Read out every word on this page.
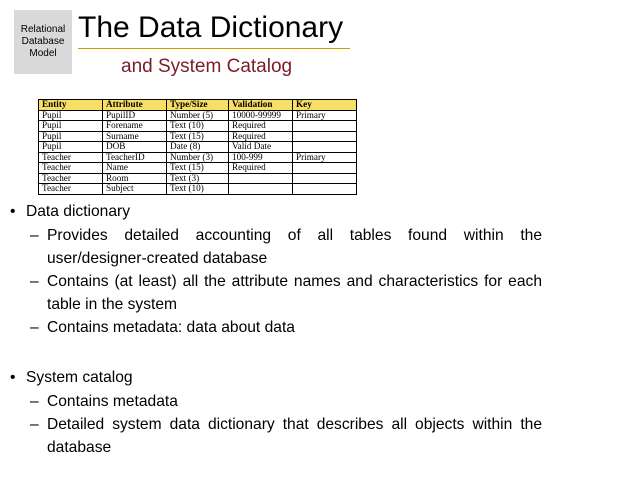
Relational
Database
Model
The Data Dictionary
and System Catalog
Entity	Attribute	Type/Size	Validation	Key
Pupil	PupilID	Number (5)	10000-99999	Primary
Pupil	Forename	Text (10)	Required	
Pupil	Surname	Text (15)	Required	
Pupil	DOB	Date (8)	Valid Date	
Teacher	TeacherID	Number (3)	100-999	Primary
Teacher	Name	Text (15)	Required	
Teacher	Room	Text (3)		
Teacher	Subject	Text (10)		

• Data dictionary

– Provides detailed accounting of all tables found within the user/designer-created database

– Contains (at least) all the attribute names and characteristics for each table in the system

– Contains metadata: data about data

• System catalog

– Contains metadata

– Detailed system data dictionary that describes all objects within the database
